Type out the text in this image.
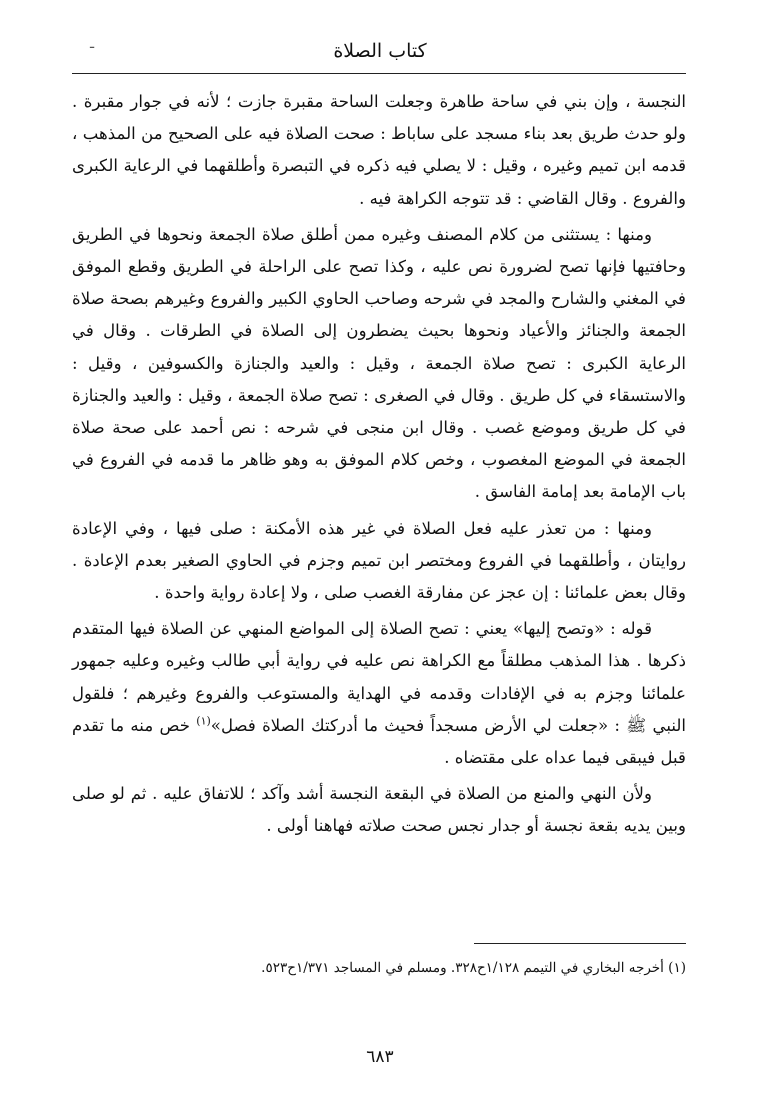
ـ	كتاب الصلاة

النجسة ، وإن بني في ساحة طاهرة وجعلت الساحة مقبرة جازت ؛ لأنه في جوار مقبرة . ولو حدث طريق بعد بناء مسجد على ساباط : صحت الصلاة فيه على الصحيح من المذهب ، قدمه ابن تميم وغيره ، وقيل : لا يصلي فيه ذكره في التبصرة وأطلقهما في الرعاية الكبرى والفروع . وقال القاضي : قد تتوجه الكراهة فيه .

ومنها : يستثنى من كلام المصنف وغيره ممن أطلق صلاة الجمعة ونحوها في الطريق وحافتيها فإنها تصح لضرورة نص عليه ، وكذا تصح على الراحلة في الطريق وقطع الموفق في المغني والشارح والمجد في شرحه وصاحب الحاوي الكبير والفروع وغيرهم بصحة صلاة الجمعة والجنائز والأعياد ونحوها بحيث يضطرون إلى الصلاة في الطرقات . وقال في الرعاية الكبرى : تصح صلاة الجمعة ، وقيل : والعيد والجنازة والكسوفين ، وقيل : والاستسقاء في كل طريق . وقال في الصغرى : تصح صلاة الجمعة ، وقيل : والعيد والجنازة في كل طريق وموضع غصب . وقال ابن منجى في شرحه : نص أحمد على صحة صلاة الجمعة في الموضع المغصوب ، وخص كلام الموفق به وهو ظاهر ما قدمه في الفروع في باب الإمامة بعد إمامة الفاسق .

ومنها : من تعذر عليه فعل الصلاة في غير هذه الأمكنة : صلى فيها ، وفي الإعادة روايتان ، وأطلقهما في الفروع ومختصر ابن تميم وجزم في الحاوي الصغير بعدم الإعادة . وقال بعض علمائنا : إن عجز عن مفارقة الغصب صلى ، ولا إعادة رواية واحدة .

قوله : «وتصح إليها» يعني : تصح الصلاة إلى المواضع المنهي عن الصلاة فيها المتقدم ذكرها . هذا المذهب مطلقاً مع الكراهة نص عليه في رواية أبي طالب وغيره وعليه جمهور علمائنا وجزم به في الإفادات وقدمه في الهداية والمستوعب والفروع وغيرهم ؛ فلقول النبي ﷺ : «جعلت لي الأرض مسجداً فحيث ما أدركتك الصلاة فصل»$^{(١)}$ خص منه ما تقدم قبل فيبقى فيما عداه على مقتضاه .

ولأن النهي والمنع من الصلاة في البقعة النجسة أشد وآكد ؛ للاتفاق عليه . ثم لو صلى وبين يديه بقعة نجسة أو جدار نجس صحت صلاته فهاهنا أولى .

(١) أخرجه البخاري في التيمم ١/١٢٨ح٣٢٨. ومسلم في المساجد ١/٣٧١ح٥٢٣.
٦٨٣
